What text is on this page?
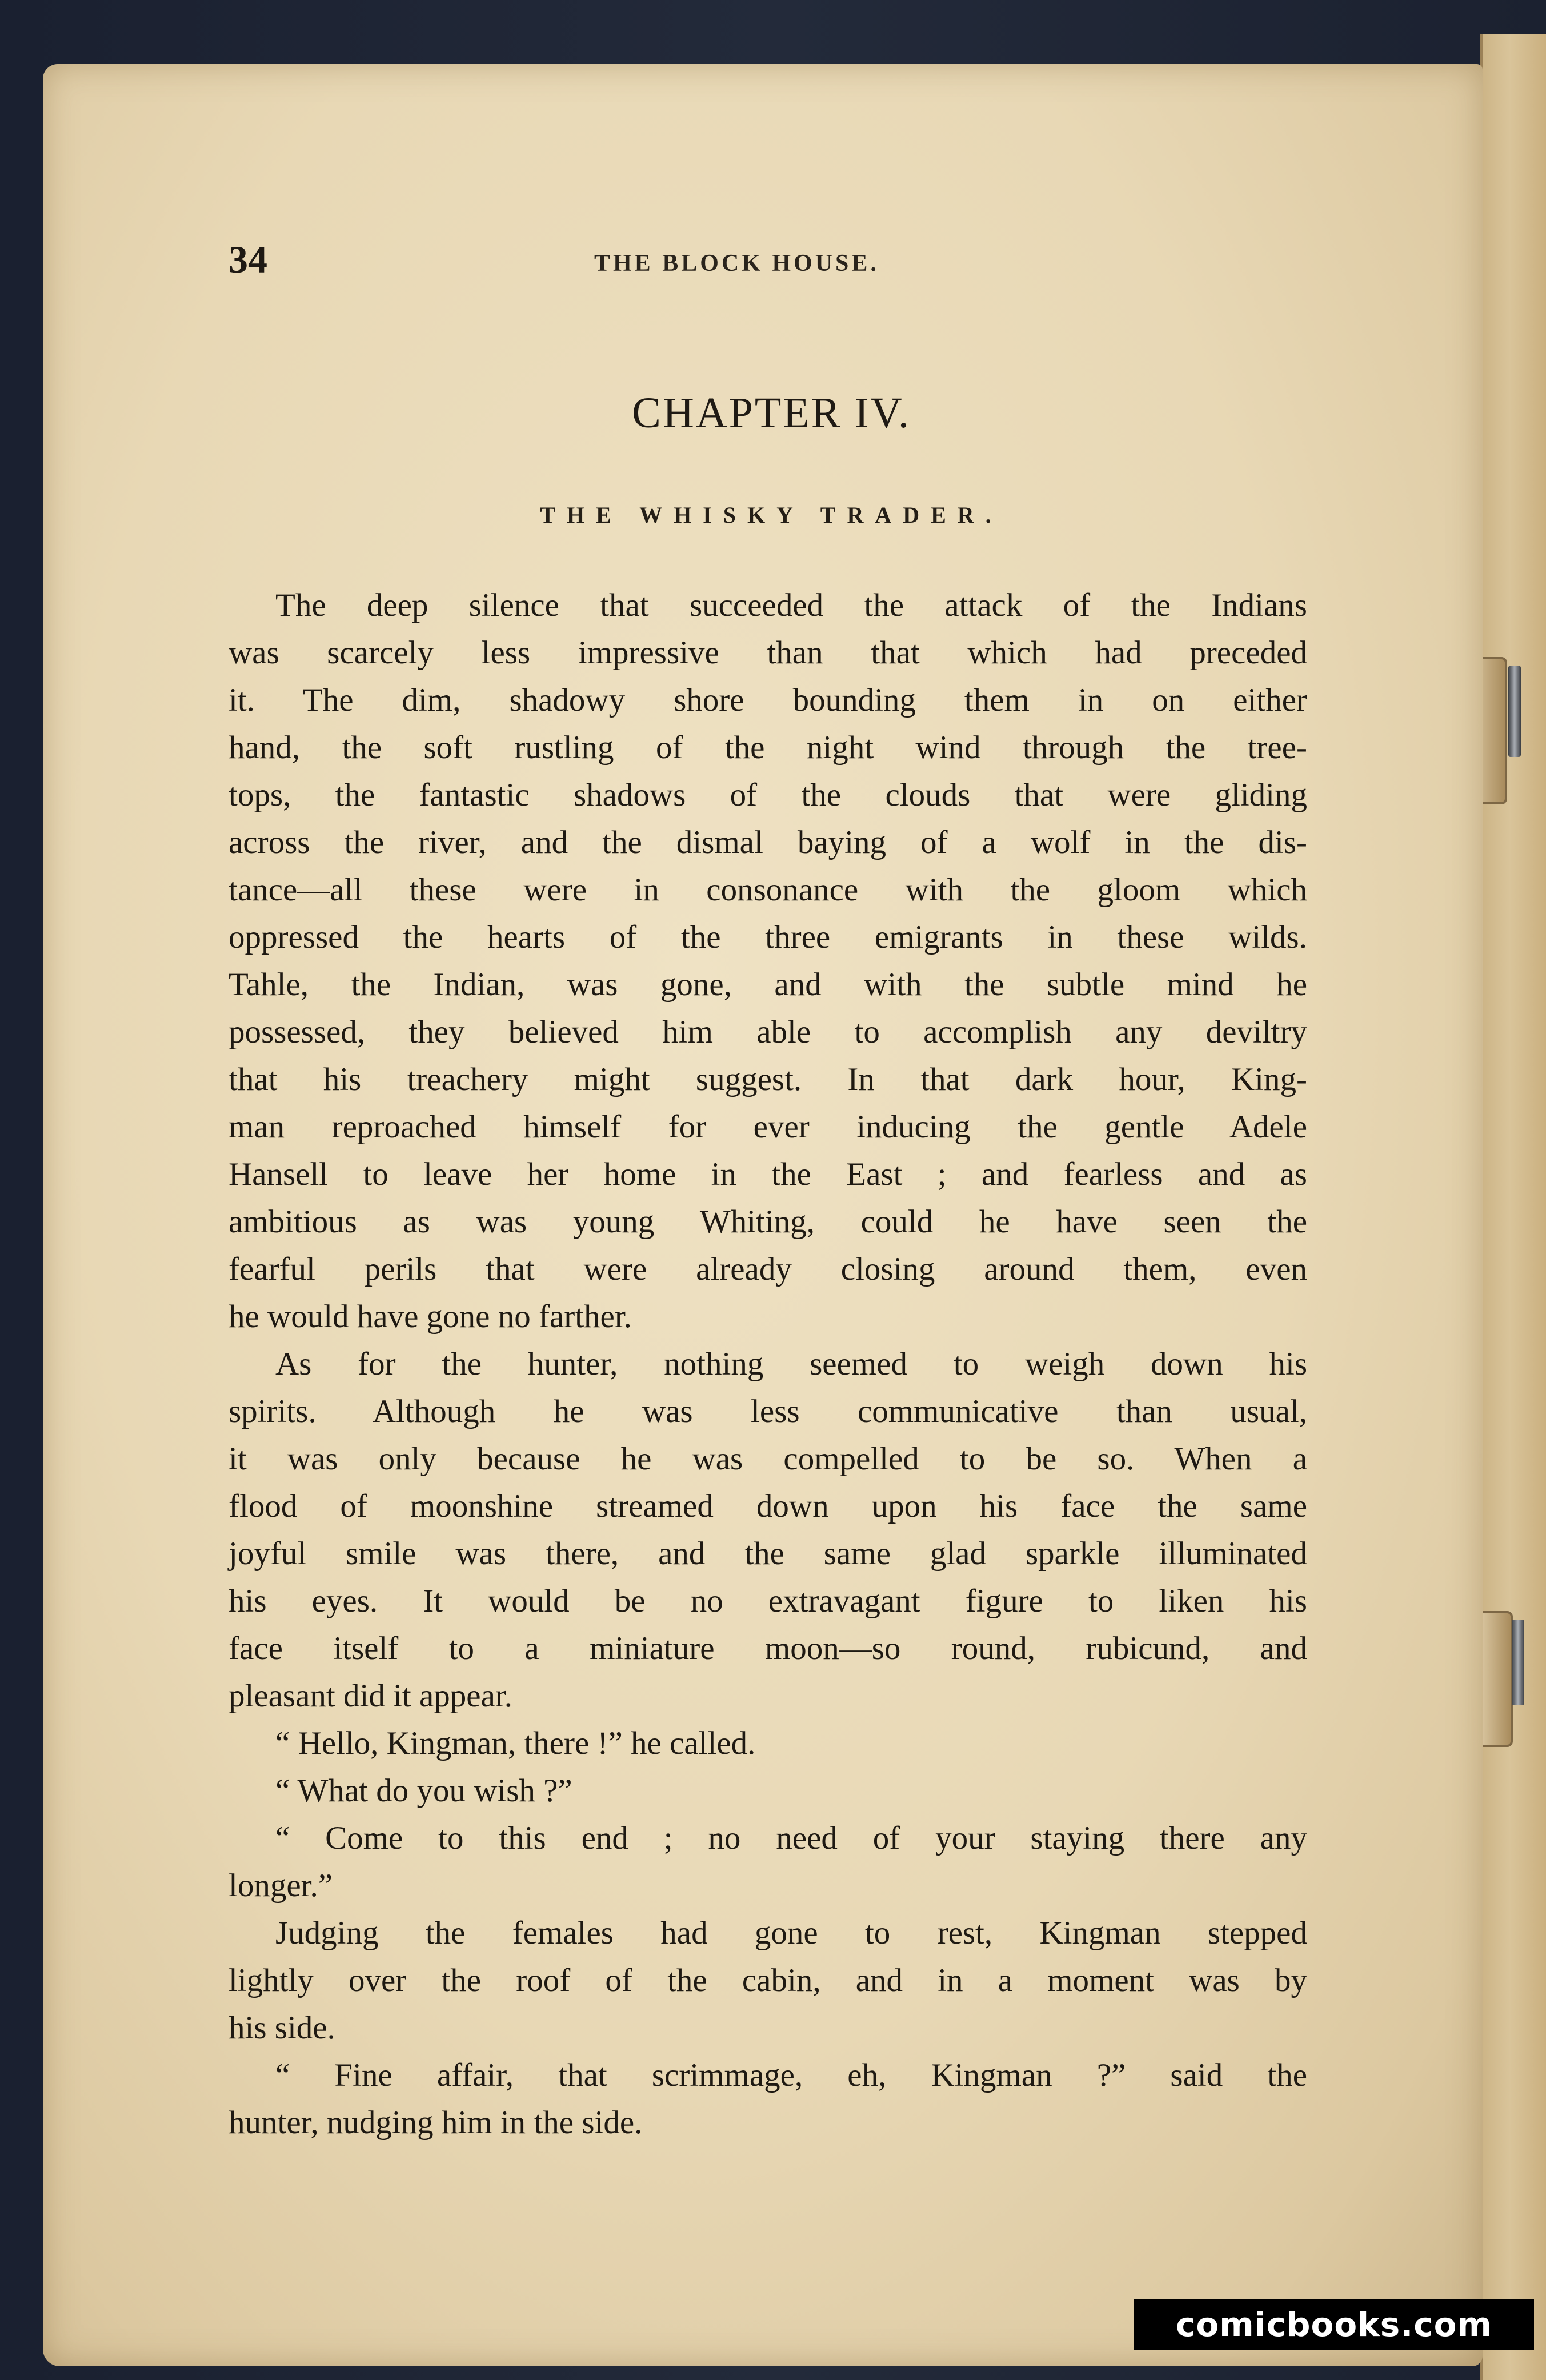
34	THE BLOCK HOUSE.
CHAPTER IV.
THE WHISKY TRADER.
The deep silence that succeeded the attack of the Indians
was scarcely less impressive than that which had preceded
it. The dim, shadowy shore bounding them in on either
hand, the soft rustling of the night wind through the tree-
tops, the fantastic shadows of the clouds that were gliding
across the river, and the dismal baying of a wolf in the dis-
tance—all these were in consonance with the gloom which
oppressed the hearts of the three emigrants in these wilds.
Tahle, the Indian, was gone, and with the subtle mind he
possessed, they believed him able to accomplish any deviltry
that his treachery might suggest. In that dark hour, King-
man reproached himself for ever inducing the gentle Adele
Hansell to leave her home in the East ; and fearless and as
ambitious as was young Whiting, could he have seen the
fearful perils that were already closing around them, even
he would have gone no farther.
As for the hunter, nothing seemed to weigh down his
spirits. Although he was less communicative than usual,
it was only because he was compelled to be so. When a
flood of moonshine streamed down upon his face the same
joyful smile was there, and the same glad sparkle illuminated
his eyes. It would be no extravagant figure to liken his
face itself to a miniature moon—so round, rubicund, and
pleasant did it appear.
“ Hello, Kingman, there !” he called.
“ What do you wish ?”
“ Come to this end ; no need of your staying there any
longer.”
Judging the females had gone to rest, Kingman stepped
lightly over the roof of the cabin, and in a moment was by
his side.
“ Fine affair, that scrimmage, eh, Kingman ?” said the
hunter, nudging him in the side.
comicbooks.com
